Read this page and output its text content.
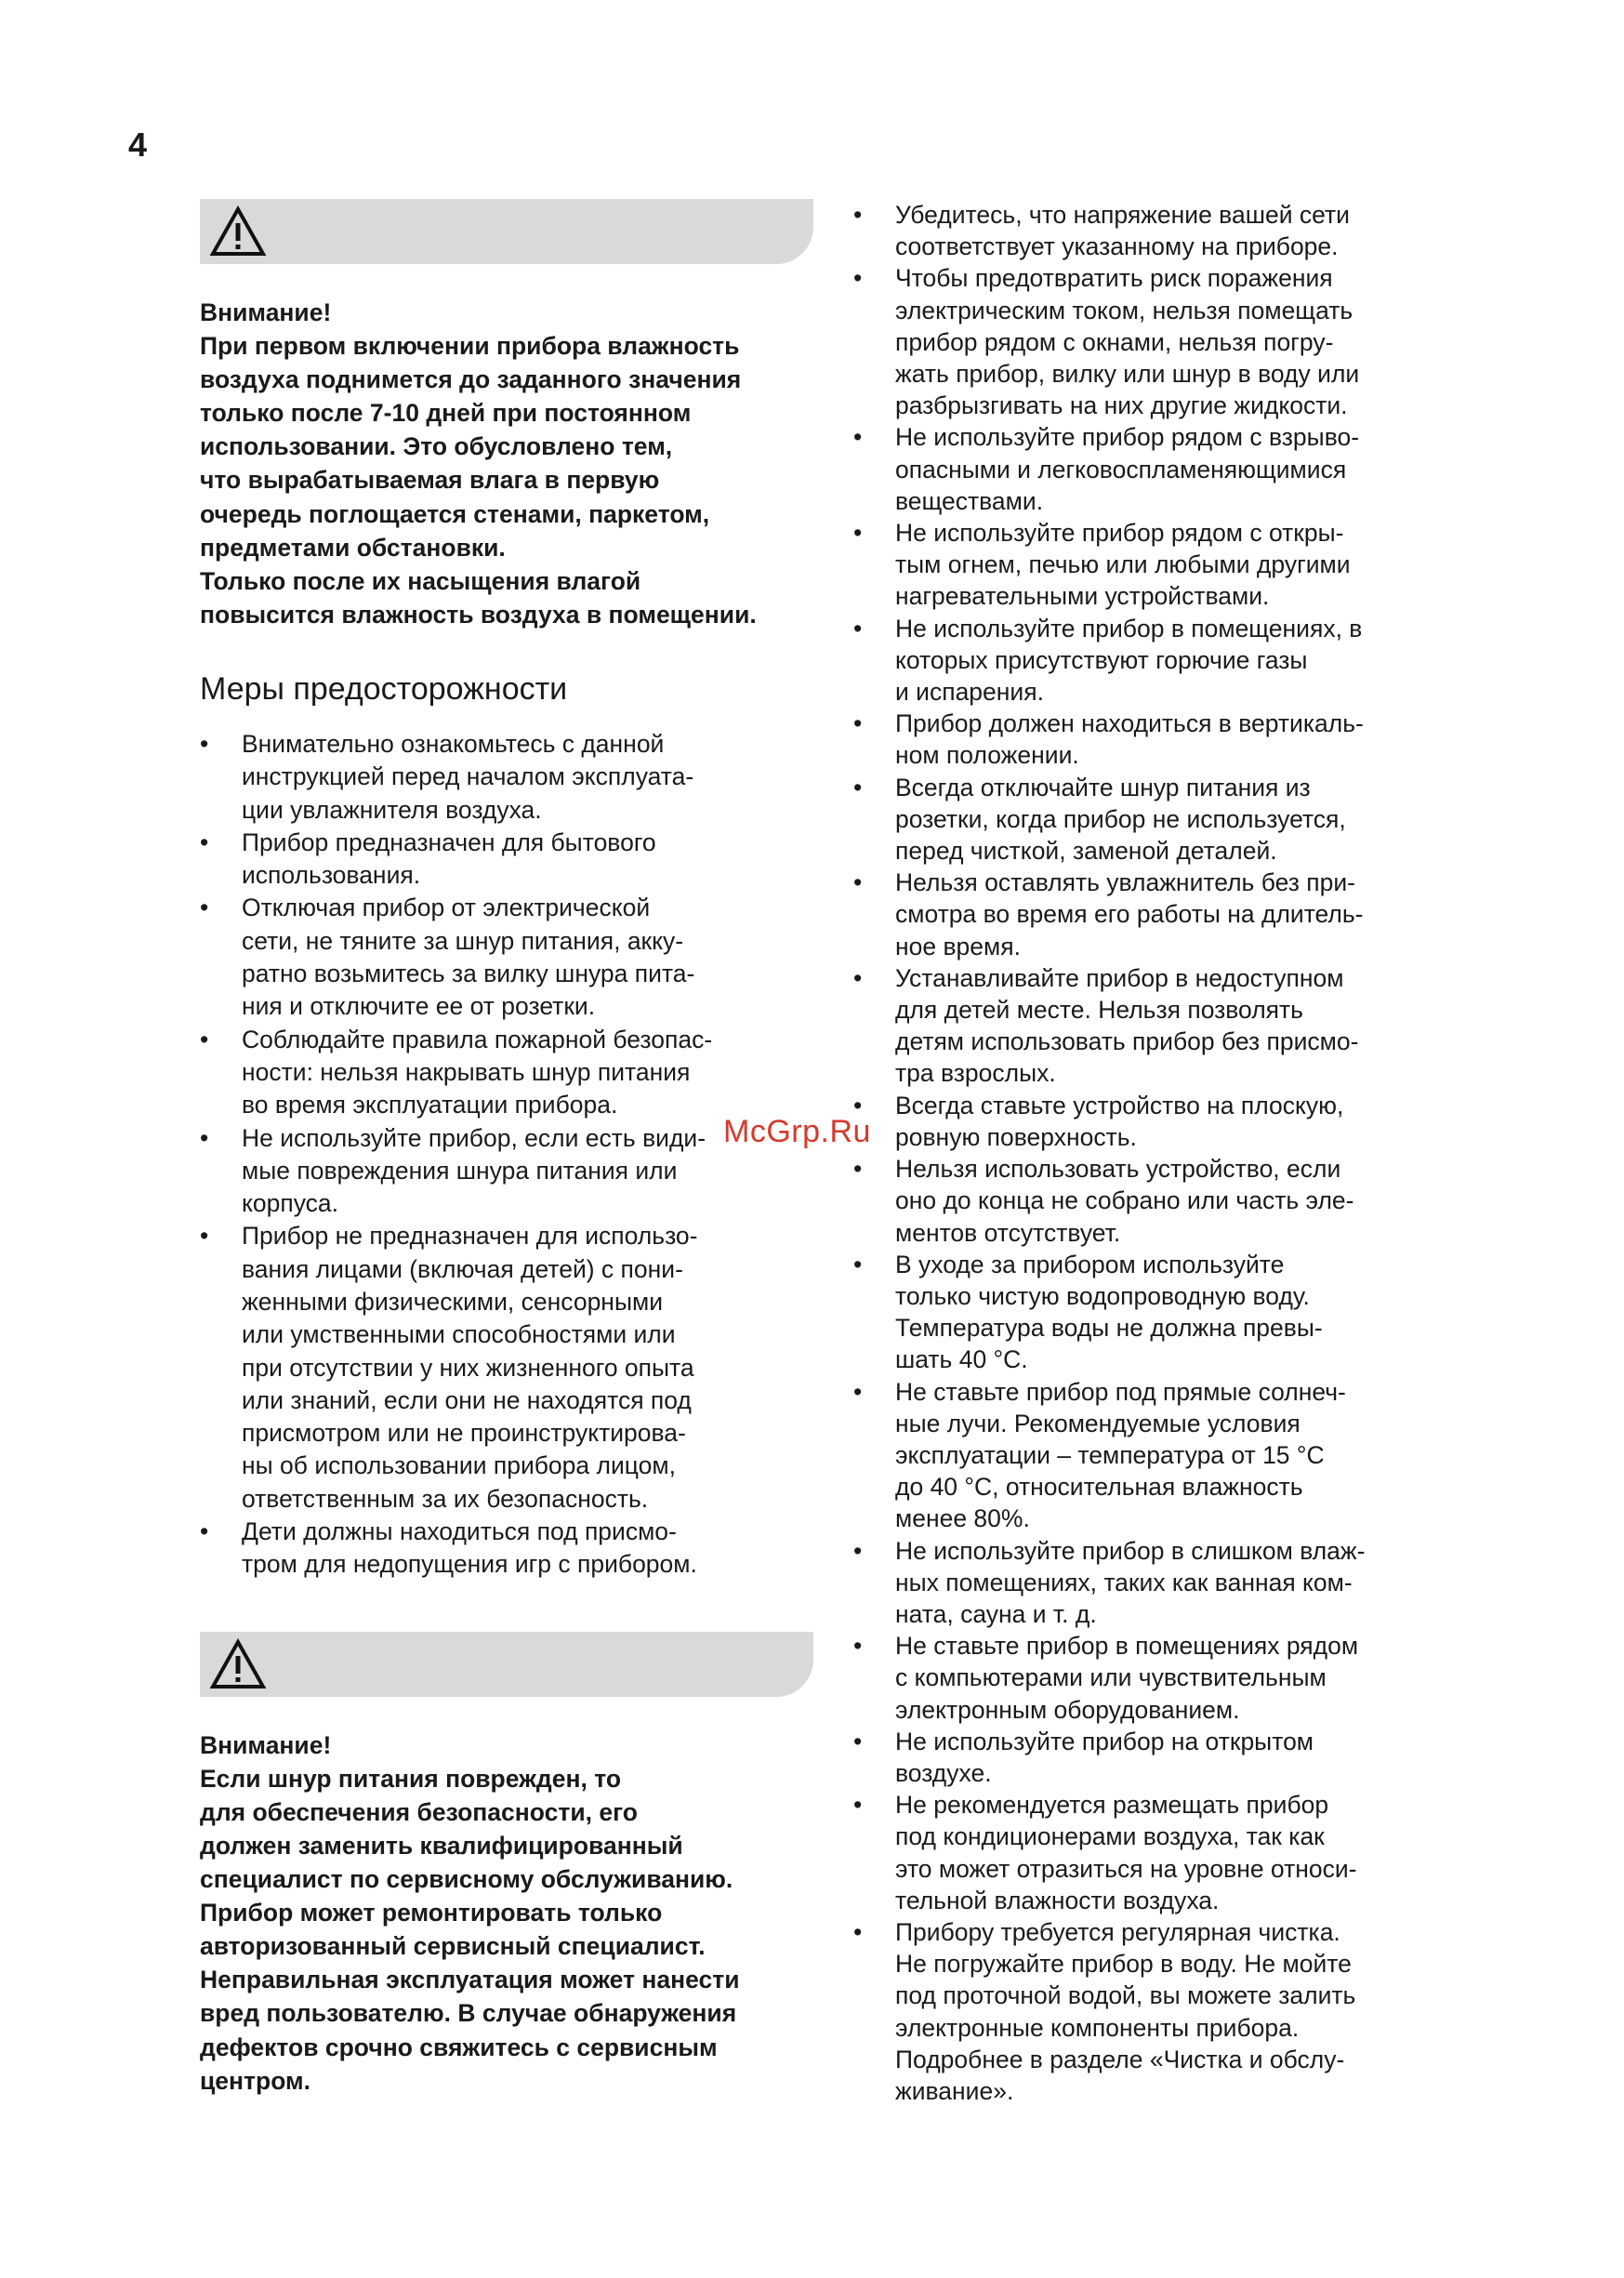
4
Внимание!
При первом включении прибора влажность
воздуха поднимется до заданного значения
только после 7-10 дней при постоянном
использовании. Это обусловлено тем,
что вырабатываемая влага в первую
очередь поглощается стенами, паркетом,
предметами обстановки.
Только после их насыщения влагой
повысится влажность воздуха в помещении.
Меры предосторожности
• Внимательно ознакомьтесь с данной
инструкцией перед началом эксплуата-
ции увлажнителя воздуха.
• Прибор предназначен для бытового
использования.
• Отключая прибор от электрической
сети, не тяните за шнур питания, акку-
ратно возьмитесь за вилку шнура пита-
ния и отключите ее от розетки.
• Соблюдайте правила пожарной безопас-
ности: нельзя накрывать шнур питания
во время эксплуатации прибора.
• Не используйте прибор, если есть види-
мые повреждения шнура питания или
корпуса.
• Прибор не предназначен для использо-
вания лицами (включая детей) с пони-
женными физическими, сенсорными
или умственными способностями или
при отсутствии у них жизненного опыта
или знаний, если они не находятся под
присмотром или не проинструктирова-
ны об использовании прибора лицом,
ответственным за их безопасность.
• Дети должны находиться под присмо-
тром для недопущения игр с прибором.
Внимание!
Если шнур питания поврежден, то
для обеспечения безопасности, его
должен заменить квалифицированный
специалист по сервисному обслуживанию.
Прибор может ремонтировать только
авторизованный сервисный специалист.
Неправильная эксплуатация может нанести
вред пользователю. В случае обнаружения
дефектов срочно свяжитесь с сервисным
центром.
• Убедитесь, что напряжение вашей сети
соответствует указанному на приборе.
• Чтобы предотвратить риск поражения
электрическим током, нельзя помещать
прибор рядом с окнами, нельзя погру-
жать прибор, вилку или шнур в воду или
разбрызгивать на них другие жидкости.
• Не используйте прибор рядом с взрыво-
опасными и легковоспламеняющимися
веществами.
• Не используйте прибор рядом с откры-
тым огнем, печью или любыми другими
нагревательными устройствами.
• Не используйте прибор в помещениях, в
которых присутствуют горючие газы
и испарения.
• Прибор должен находиться в вертикаль-
ном положении.
• Всегда отключайте шнур питания из
розетки, когда прибор не используется,
перед чисткой, заменой деталей.
• Нельзя оставлять увлажнитель без при-
смотра во время его работы на длитель-
ное время.
• Устанавливайте прибор в недоступном
для детей месте. Нельзя позволять
детям использовать прибор без присмо-
тра взрослых.
• Всегда ставьте устройство на плоскую,
ровную поверхность.
• Нельзя использовать устройство, если
оно до конца не собрано или часть эле-
ментов отсутствует.
• В уходе за прибором используйте
только чистую водопроводную воду.
Температура воды не должна превы-
шать 40 °С.
• Не ставьте прибор под прямые солнеч-
ные лучи. Рекомендуемые условия
эксплуатации – температура от 15 °С
до 40 °С, относительная влажность
менее 80%.
• Не используйте прибор в слишком влаж-
ных помещениях, таких как ванная ком-
ната, сауна и т. д.
• Не ставьте прибор в помещениях рядом
с компьютерами или чувствительным
электронным оборудованием.
• Не используйте прибор на открытом
воздухе.
• Не рекомендуется размещать прибор
под кондиционерами воздуха, так как
это может отразиться на уровне относи-
тельной влажности воздуха.
• Прибору требуется регулярная чистка.
Не погружайте прибор в воду. Не мойте
под проточной водой, вы можете залить
электронные компоненты прибора.
Подробнее в разделе «Чистка и обслу-
живание».
McGrp.Ru
